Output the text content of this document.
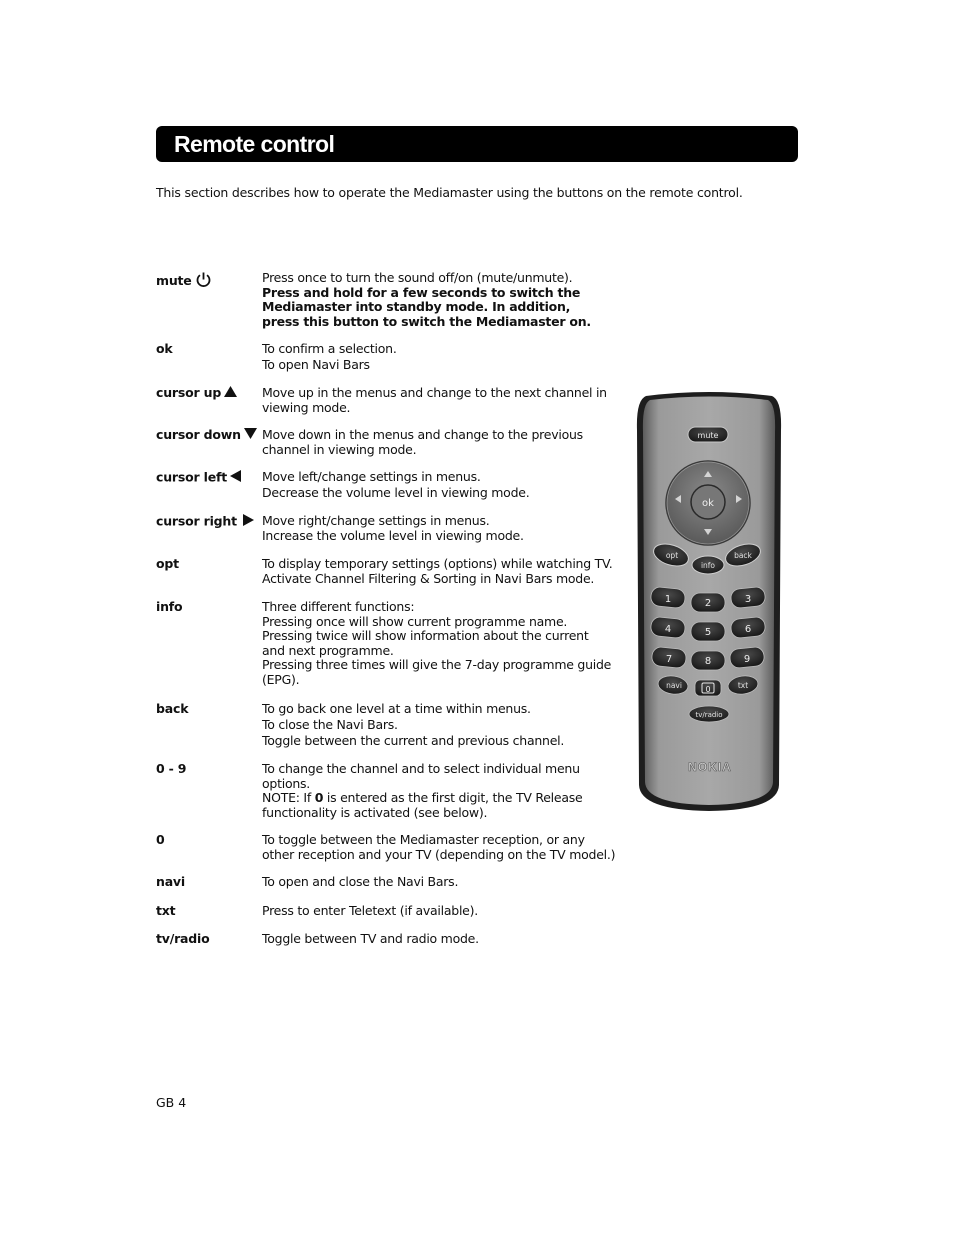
Remote control
This section describes how to operate the Mediamaster using the buttons on the remote control.
mute	Press once to turn the sound off/on (mute/unmute).
Press and hold for a few seconds to switch the
Mediamaster into standby mode. In addition,
press this button to switch the Mediamaster on.
ok	To confirm a selection.
To open Navi Bars
cursor up	Move up in the menus and change to the next channel in
viewing mode.
cursor down	Move down in the menus and change to the previous
channel in viewing mode.
cursor left	Move left/change settings in menus.
Decrease the volume level in viewing mode.
cursor right	Move right/change settings in menus.
Increase the volume level in viewing mode.
opt	To display temporary settings (options) while watching TV.
Activate Channel Filtering & Sorting in Navi Bars mode.
info	Three different functions:
Pressing once will show current programme name.
Pressing twice will show information about the current
and next programme.
Pressing three times will give the 7-day programme guide
(EPG).
back	To go back one level at a time within menus.
To close the Navi Bars.
Toggle between the current and previous channel.
0 - 9	To change the channel and to select individual menu
options.
NOTE: If 0 is entered as the first digit, the TV Release
functionality is activated (see below).
0	To toggle between the Mediamaster reception, or any
other reception and your TV (depending on the TV model.)
navi	To open and close the Navi Bars.
txt	Press to enter Teletext (if available).
tv/radio	Toggle between TV and radio mode.
mute
ok
opt
info
back
1	2	3
4	5	6
7	8	9
navi	0	txt
tv/radio
NOKIA
GB 4
